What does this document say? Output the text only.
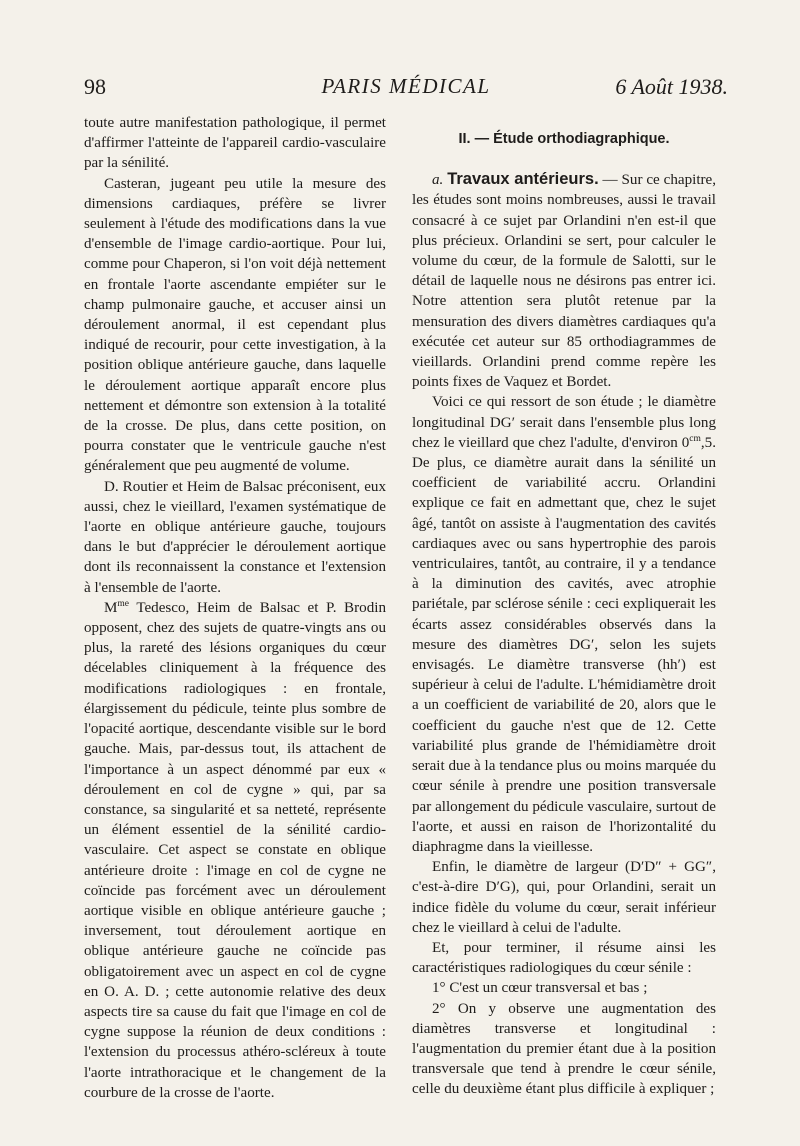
98	PARIS MÉDICAL	6 Août 1938.

toute autre manifestation pathologique, il permet d'affirmer l'atteinte de l'appareil cardio-vasculaire par la sénilité.

Casteran, jugeant peu utile la mesure des dimensions cardiaques, préfère se livrer seulement à l'étude des modifications dans la vue d'ensemble de l'image cardio-aortique. Pour lui, comme pour Chaperon, si l'on voit déjà nettement en frontale l'aorte ascendante empiéter sur le champ pulmonaire gauche, et accuser ainsi un déroulement anormal, il est cependant plus indiqué de recourir, pour cette investigation, à la position oblique antérieure gauche, dans laquelle le déroulement aortique apparaît encore plus nettement et démontre son extension à la totalité de la crosse. De plus, dans cette position, on pourra constater que le ventricule gauche n'est généralement que peu augmenté de volume.

D. Routier et Heim de Balsac préconisent, eux aussi, chez le vieillard, l'examen systématique de l'aorte en oblique antérieure gauche, toujours dans le but d'apprécier le déroulement aortique dont ils reconnaissent la constance et l'extension à l'ensemble de l'aorte.

$M^{me}$ Tedesco, Heim de Balsac et P. Brodin opposent, chez des sujets de quatre-vingts ans ou plus, la rareté des lésions organiques du cœur décelables cliniquement à la fréquence des modifications radiologiques : en frontale, élargissement du pédicule, teinte plus sombre de l'opacité aortique, descendante visible sur le bord gauche. Mais, par-dessus tout, ils attachent de l'importance à un aspect dénommé par eux « déroulement en col de cygne » qui, par sa constance, sa singularité et sa netteté, représente un élément essentiel de la sénilité cardio-vasculaire. Cet aspect se constate en oblique antérieure droite : l'image en col de cygne ne coïncide pas forcément avec un déroulement aortique visible en oblique antérieure gauche ; inversement, tout déroulement aortique en oblique antérieure gauche ne coïncide pas obligatoirement avec un aspect en col de cygne en O. A. D. ; cette autonomie relative des deux aspects tire sa cause du fait que l'image en col de cygne suppose la réunion de deux conditions : l'extension du processus athéro-scléreux à toute l'aorte intrathoracique et le changement de la courbure de la crosse de l'aorte.

II. — Étude orthodiagraphique.

a. Travaux antérieurs. — Sur ce chapitre, les études sont moins nombreuses, aussi le travail consacré à ce sujet par Orlandini n'en est-il que plus précieux. Orlandini se sert, pour calculer le volume du cœur, de la formule de Salotti, sur le détail de laquelle nous ne désirons pas entrer ici. Notre attention sera plutôt retenue par la mensuration des divers diamètres cardiaques qu'a exécutée cet auteur sur 85 orthodiagrammes de vieillards. Orlandini prend comme repère les points fixes de Vaquez et Bordet.

Voici ce qui ressort de son étude ; le diamètre longitudinal DG′ serait dans l'ensemble plus long chez le vieillard que chez l'adulte, d'environ $0^{cm},5$. De plus, ce diamètre aurait dans la sénilité un coefficient de variabilité accru. Orlandini explique ce fait en admettant que, chez le sujet âgé, tantôt on assiste à l'augmentation des cavités cardiaques avec ou sans hypertrophie des parois ventriculaires, tantôt, au contraire, il y a tendance à la diminution des cavités, avec atrophie pariétale, par sclérose sénile : ceci expliquerait les écarts assez considérables observés dans la mesure des diamètres DG′, selon les sujets envisagés. Le diamètre transverse (hh′) est supérieur à celui de l'adulte. L'hémidiamètre droit a un coefficient de variabilité de 20, alors que le coefficient du gauche n'est que de 12. Cette variabilité plus grande de l'hémidiamètre droit serait due à la tendance plus ou moins marquée du cœur sénile à prendre une position transversale par allongement du pédicule vasculaire, surtout de l'aorte, et aussi en raison de l'horizontalité du diaphragme dans la vieillesse.

Enfin, le diamètre de largeur (D′D″ + GG″, c'est-à-dire D′G), qui, pour Orlandini, serait un indice fidèle du volume du cœur, serait inférieur chez le vieillard à celui de l'adulte.

Et, pour terminer, il résume ainsi les caractéristiques radiologiques du cœur sénile :

1° C'est un cœur transversal et bas ;

2° On y observe une augmentation des diamètres transverse et longitudinal : l'augmentation du premier étant due à la position transversale que tend à prendre le cœur sénile, celle du deuxième étant plus difficile à expliquer ;
